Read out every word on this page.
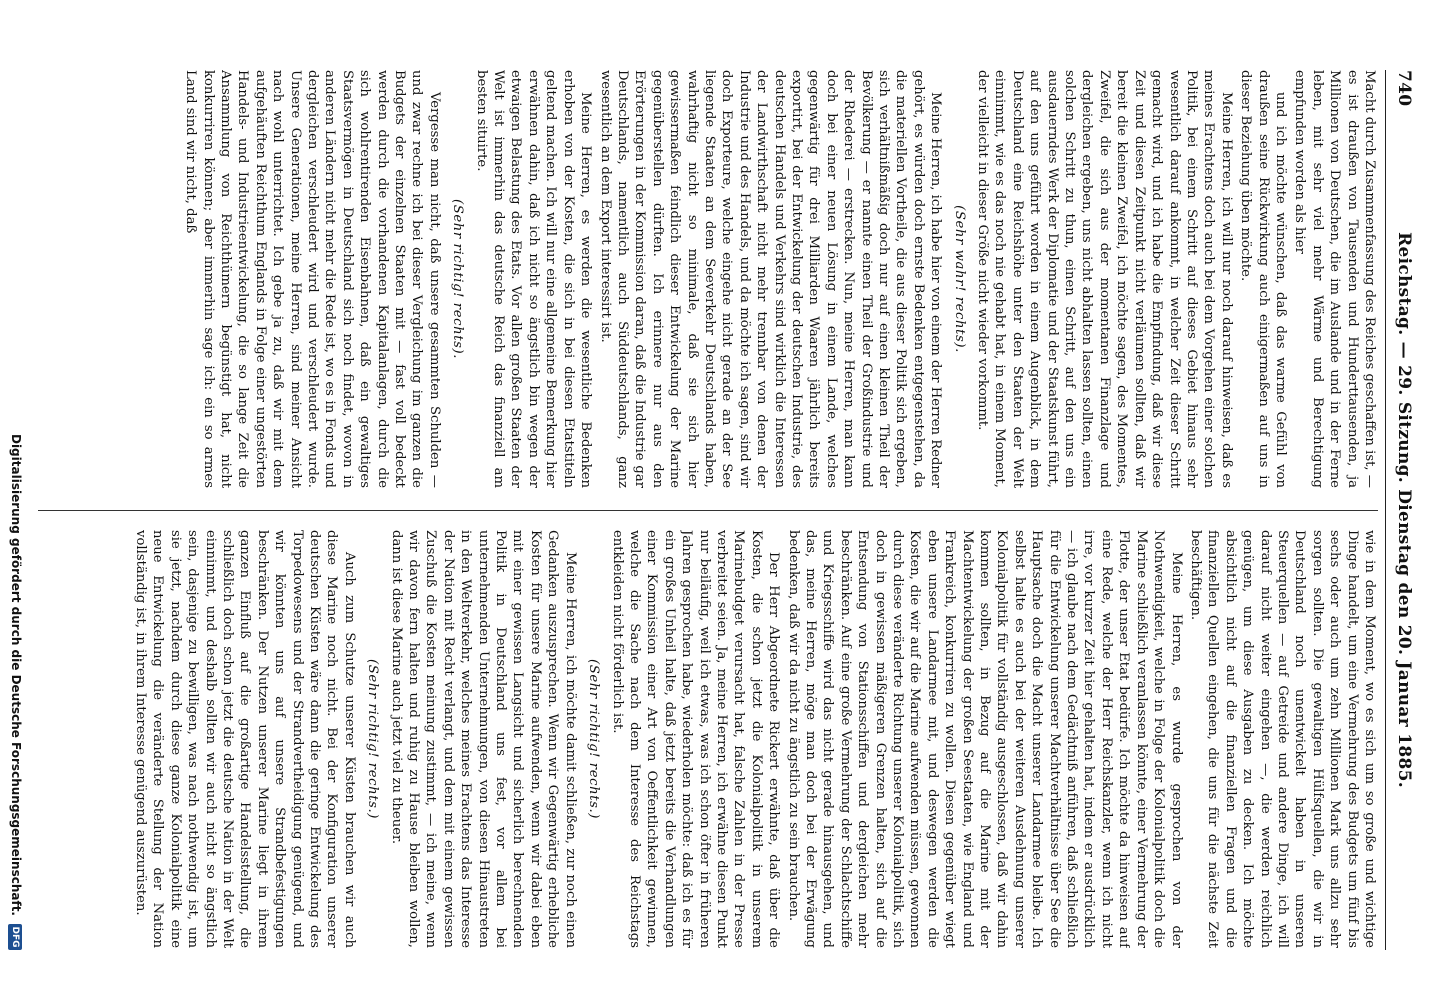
740
Reichstag. — 29. Sitzung. Dienstag den 20. Januar 1885.

Macht durch Zusammenfassung des Reiches geschaffen ist, — es ist draußen von Tausenden und Hunderttausenden, ja Millionen von Deutschen, die im Auslande und in der Ferne leben, mit sehr viel mehr Wärme und Berechtigung empfunden worden als hier

und ich möchte wünschen, daß das warme Gefühl von draußen seine Rückwirkung auch einigermaßen auf uns in dieser Beziehung üben möchte.

Meine Herren, ich will nur noch darauf hinweisen, daß es meines Erachtens doch auch bei dem Vorgehen einer solchen Politik, bei einem Schritt auf dieses Gebiet hinaus sehr wesentlich darauf ankommt, in welcher Zeit dieser Schritt gemacht wird, und ich habe die Empfindung, daß wir diese Zeit und diesen Zeitpunkt nicht verläumen sollten, daß wir bereit die kleinen Zweifel, ich möchte sagen, des Momentes, Zweifel, die sich aus der momentanen Finanzlage und dergleichen ergeben, uns nicht abhalten lassen sollten, einen solchen Schritt zu thun, einen Schritt, auf den uns ein ausdauerndes Werk der Diplomatie und der Staatskunst führt, auf den uns geführt worden in einem Augenblick, in dem Deutschland eine Reichshöhe unter den Staaten der Welt einnimmt, wie es das noch nie gehabt hat, in einem Moment, der vielleicht in dieser Größe nicht wieder vorkommt.

(Sehr wahr! rechts).

Meine Herren, ich habe hier von einem der Herren Redner gehört, es würden doch ernste Bedenken entgegenstehen, da die materiellen Vortheile, die aus dieser Politik sich ergeben, sich verhältnißmäßig doch nur auf einen kleinen Theil der Bevölkerung — er nannte einen Theil der Großindustrie und der Rhederei — erstrecken. Nun, meine Herren, man kann doch bei einer neuen Lösung in einem Lande, welches gegenwärtig für drei Milliarden Waaren jährlich bereits exportirt, bei der Entwickelung der deutschen Industrie, des deutschen Handels und Verkehrs sind wirklich die Interessen der Landwirthschaft nicht mehr trennbar von denen der Industrie und des Handels, und da möchte ich sagen, sind wir doch Exporteure, welche eingehe nicht gerade an der See liegende Staaten an dem Seeverkehr Deutschlands haben, wahrhaftig nicht so minimale, daß sie sich hier gewissermaßen feindlich dieser Entwickelung der Marine gegenüberstellen dürften. Ich erinnere nur aus den Erörterungen in der Kommission daran, daß die Industrie gar Deutschlands, namentlich auch Süddeutschlands, ganz wesentlich an dem Export interessirt ist.

Meine Herren, es werden die wesentliche Bedenken erhoben von der Kosten, die sich in bei diesen Etatstiteln geltend machen. Ich will nur eine allgemeine Bemerkung hier erwähnen dahin, daß ich nicht so ängstlich bin wegen der etwaigen Belastung des Etats. Vor allen großen Staaten der Welt ist immerhin das deutsche Reich das finanziell am besten situirte.

(Sehr richtig! rechts).

Vergesse man nicht, daß unsere gesammten Schulden — und zwar rechne ich bei dieser Vergleichung im ganzen die Budgets der einzelnen Staaten mit — fast voll bedeckt werden durch die vorhandenen Kapitalanlagen, durch die sich wohlrentirenden Eisenbahnen, daß ein gewaltiges Staatsvermögen in Deutschland sich noch findet, wovon in anderen Ländern nicht mehr die Rede ist, wo es in Fonds und dergleichen verschleudert wird und verschleudert wurde. Unsere Generationen, meine Herren, sind meiner Ansicht nach wohl unterrichtet. Ich gebe ja zu, daß wir mit dem aufgehäuften Reichthum Englands in Folge einer ungestörten Handels- und Industrieentwickelung, die so lange Zeit die Ansammlung von Reichthümern begünstigt hat, nicht konkurriren können; aber immerhin sage ich: ein so armes Land sind wir nicht, daß

wie in dem Moment, wo es sich um so große und wichtige Dinge handelt, um eine Vermehrung des Budgets um fünf bis sechs oder auch um zehn Millionen Mark uns allzu sehr sorgen sollten. Die gewaltigen Hülfsquellen, die wir in Deutschland noch unentwickelt haben in unseren Steuerquellen — auf Getreide und andere Dinge, ich will darauf nicht weiter eingehen —, die werden reichlich genügen, um diese Ausgaben zu decken. Ich möchte absichtlich nicht auf die finanziellen Fragen und die finanziellen Quellen eingehen, die uns für die nächste Zeit beschäftigen.

Meine Herren, es wurde gesprochen von der Nothwendigkeit, welche in Folge der Kolonialpolitik doch die Marine schließlich veranlassen könnte, einer Vermehrung der Flotte, der unser Etat bedürfe. Ich möchte da hinweisen auf eine Rede, welche der Herr Reichskanzler, wenn ich nicht irre, vor kurzer Zeit hier gehalten hat, indem er ausdrücklich — ich glaube nach dem Gedächtniß anführen, daß schließlich für die Entwickelung unserer Machtverhältnisse über See die Hauptsache doch die Macht unserer Landarmee bleibe. Ich selbst halte es auch bei der weiteren Ausdehnung unserer Kolonialpolitik für vollständig ausgeschlossen, daß wir dahin kommen sollten, in Bezug auf die Marine mit der Machtentwickelung der großen Seestaaten, wie England und Frankreich, konkurriren zu wollen. Diesen gegenüber wiegt eben unsere Landarmee mit, und deswegen werden die Kosten, die wir auf die Marine aufwenden müssen, gewonnen durch diese veränderte Richtung unserer Kolonialpolitik, sich doch in gewissen mäßigeren Grenzen halten, sich auf die Entsendung von Stationsschiffen und dergleichen mehr beschränken. Auf eine große Vermehrung der Schlachtschiffe und Kriegsschiffe wird das nicht gerade hinausgehen, und das, meine Herren, möge man doch bei der Erwägung bedenken, daß wir da nicht zu ängstlich zu sein brauchen.

Der Herr Abgeordnete Rickert erwähnte, daß über die Kosten, die schon jetzt die Kolonialpolitik in unserem Marinebudget verursacht hat, falsche Zahlen in der Presse verbreitet seien. Ja, meine Herren, ich erwähne diesen Punkt nur beiläufig, weil ich etwas, was ich schon öfter in früheren Jahren gesprochen habe, wiederholen möchte: daß ich es für ein großes Unheil halte, daß jetzt bereits die Verhandlungen einer Kommission einer Art von Oeffentlichkeit gewinnen, welche die Sache nach dem Interesse des Reichstags entkleiden nicht förderlich ist.

(Sehr richtig! rechts.)

Meine Herren, ich möchte damit schließen, zur noch einen Gedanken auszusprechen. Wenn wir Gegenwärtig erhebliche Kosten für unsere Marine aufwenden, wenn wir dabei eben mit einer gewissen Langsicht und sicherlich berechnenden Politik in Deutschland uns fest, vor allem bei unternehmenden Unternehmungen, von diesen Hinaustreten in den Weltverkehr, welches meines Erachtens das Interesse der Nation mit Recht verlangt, und dem mit einem gewissen Zuschuß die Kosten meinung zustimmt, — ich meine, wenn wir davon fern halten und ruhig zu Hause bleiben wollen, dann ist diese Marine auch jetzt viel zu theuer.

(Sehr richtig! rechts.)

Auch zum Schutze unserer Küsten brauchen wir auch diese Marine noch nicht. Bei der Konfiguration unserer deutschen Küsten wäre dann die geringe Entwickelung des Torpedowesens und der Strandvertheidigung genügend, und wir könnten uns auf unsere Strandbefestigungen beschränken. Der Nutzen unserer Marine liegt in ihrem ganzen Einfluß auf die großartige Handelsstellung, die schließlich doch schon jetzt die deutsche Nation in der Welt einnimmt, und deshalb sollten wir auch nicht so ängstlich sein, dasjenige zu bewilligen, was nach nothwendig ist, um sie jetzt, nachdem durch diese ganze Kolonialpolitik eine neue Entwickelung die veränderte Stellung der Nation vollständig ist, in ihrem Interesse genügend auszurüsten.

Digitalisierung gefördert durch die Deutsche Forschungsgemeinschaft.
DFG
